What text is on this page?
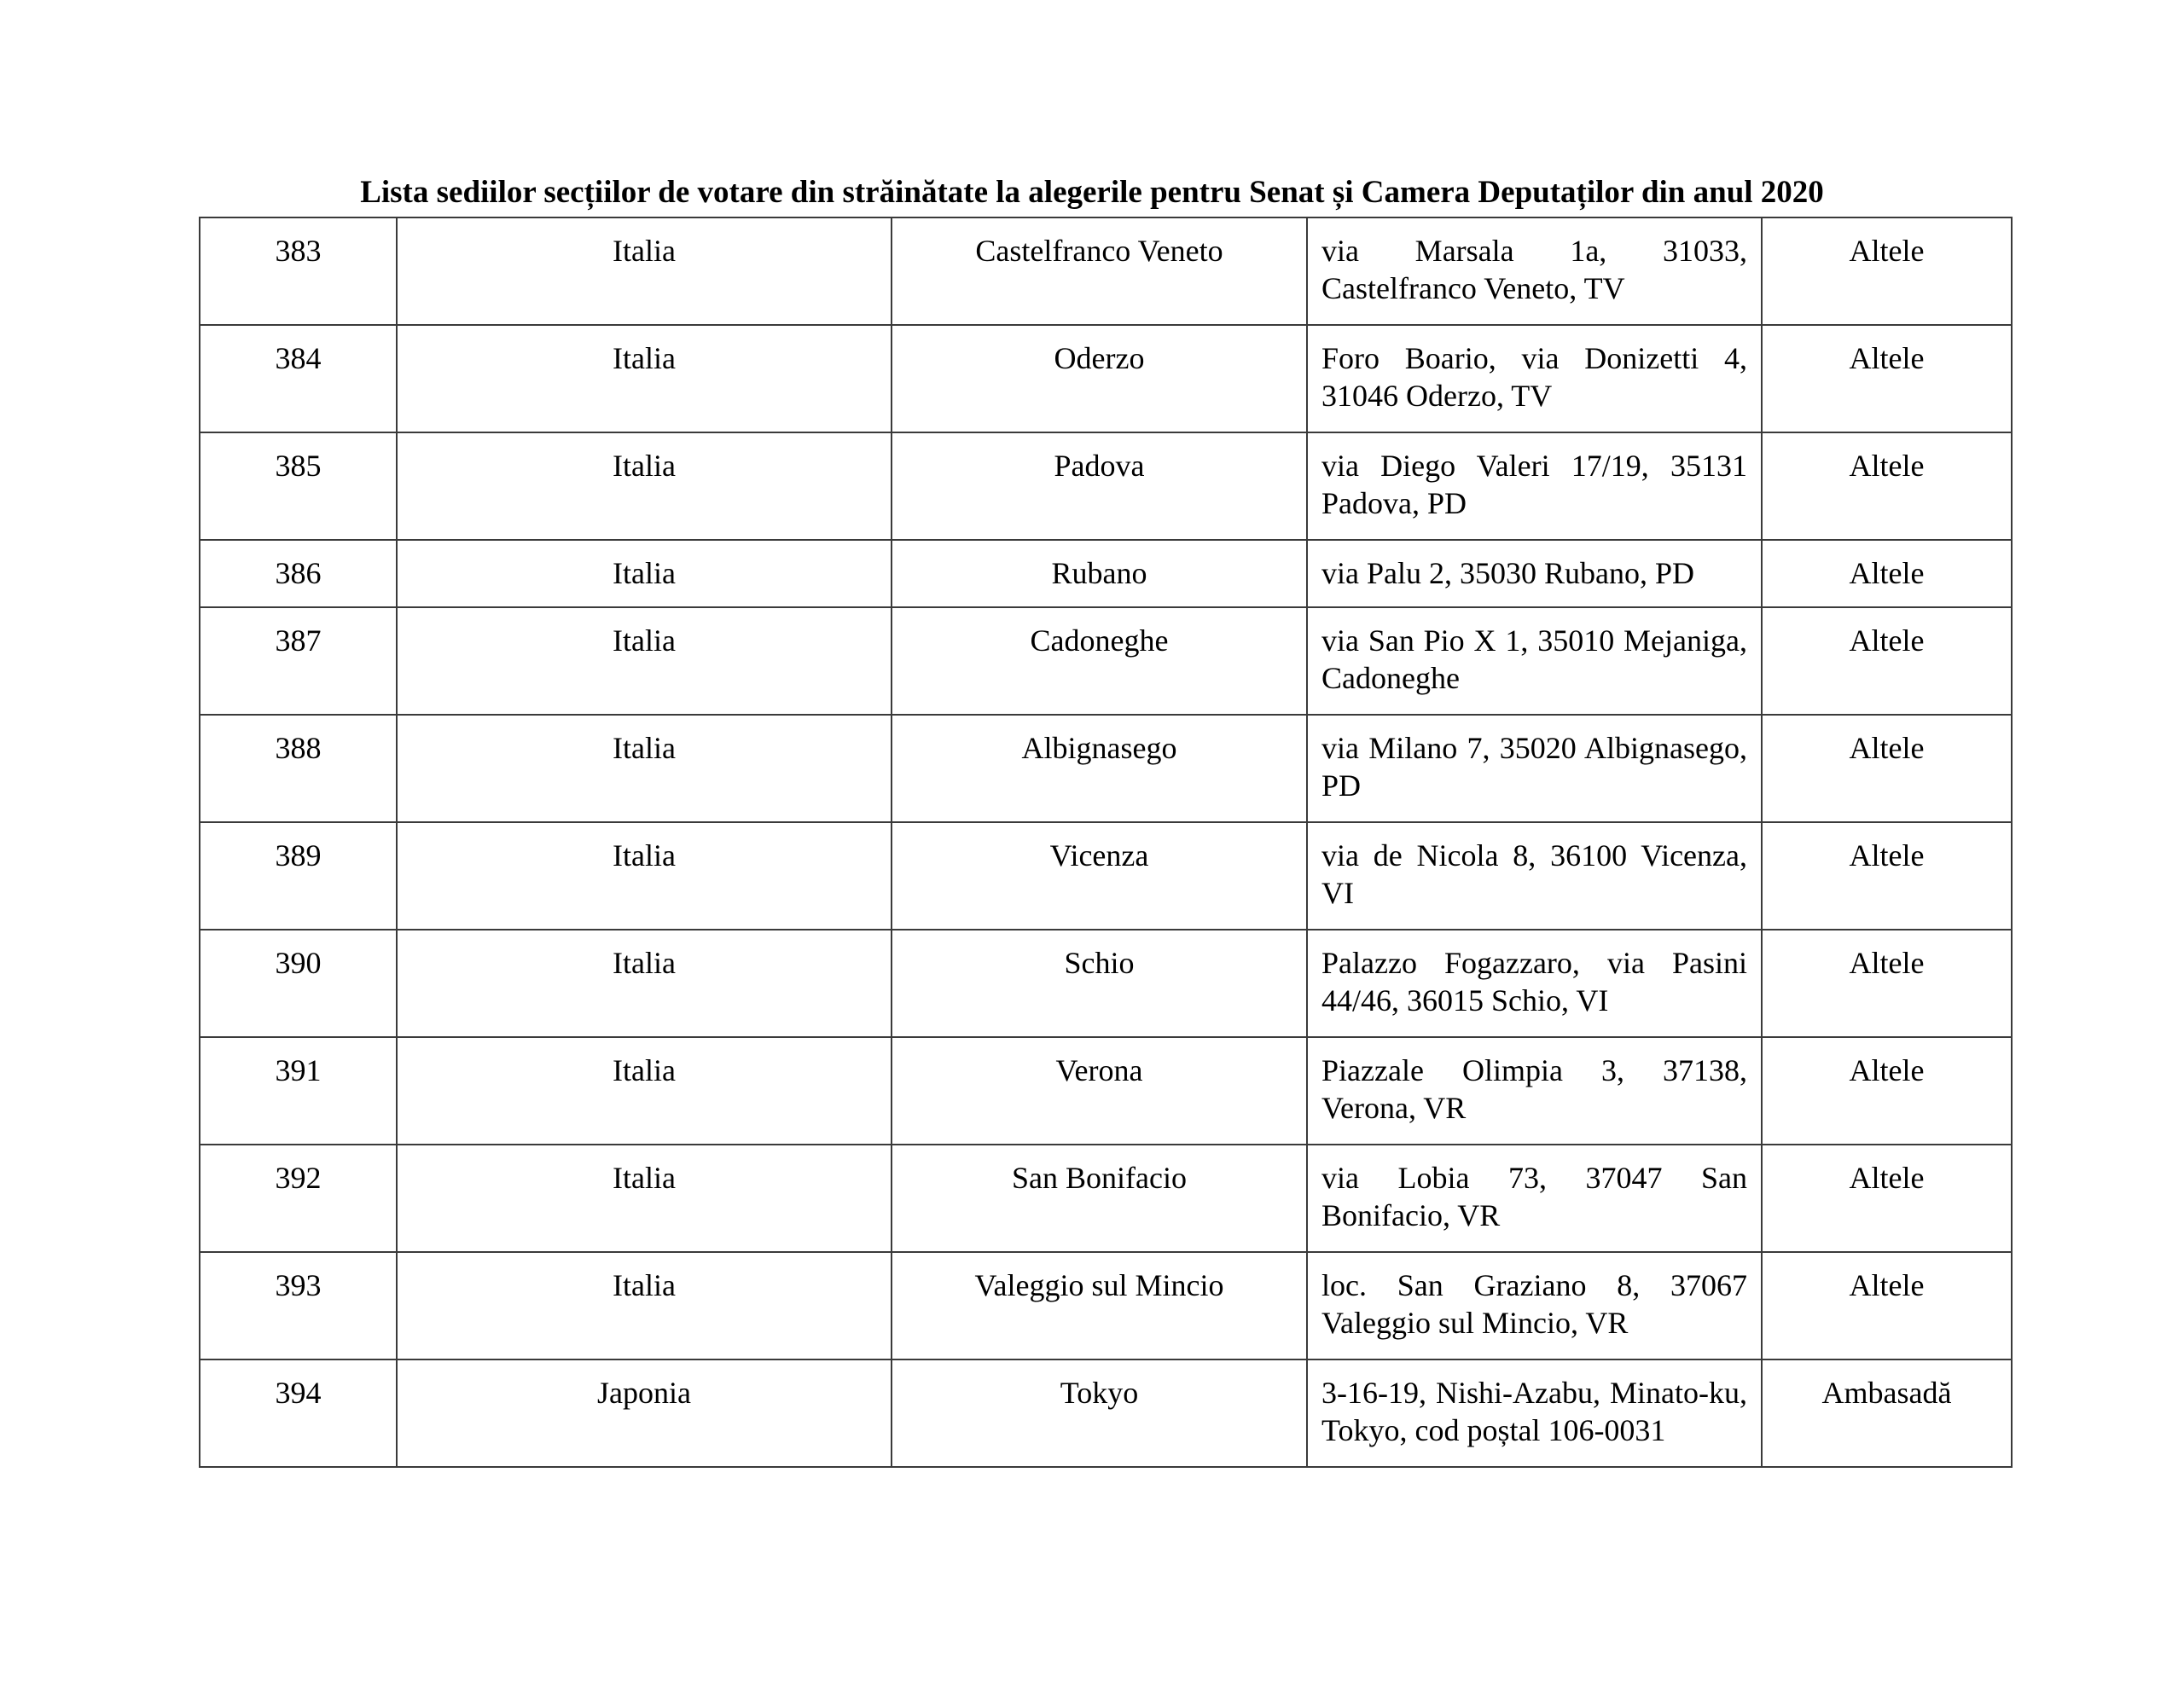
Lista sediilor secțiilor de votare din străinătate la alegerile pentru Senat și Camera Deputaților din anul 2020
383	Italia	Castelfranco Veneto	via Marsala 1a, 31033, Castelfranco Veneto, TV	Altele

384	Italia	Oderzo	Foro Boario, via Donizetti 4, 31046 Oderzo, TV	Altele

385	Italia	Padova	via Diego Valeri 17/19, 35131 Padova, PD	Altele

386	Italia	Rubano	via Palu 2, 35030 Rubano, PD	Altele

387	Italia	Cadoneghe	via San Pio X 1, 35010 Mejaniga, Cadoneghe	Altele

388	Italia	Albignasego	via Milano 7, 35020 Albignasego, PD	Altele

389	Italia	Vicenza	via de Nicola 8, 36100 Vicenza, VI	Altele

390	Italia	Schio	Palazzo Fogazzaro, via Pasini 44/46, 36015 Schio, VI	Altele

391	Italia	Verona	Piazzale Olimpia 3, 37138, Verona, VR	Altele

392	Italia	San Bonifacio	via Lobia 73, 37047 San Bonifacio, VR	Altele

393	Italia	Valeggio sul Mincio	loc. San Graziano 8, 37067 Valeggio sul Mincio, VR	Altele

394	Japonia	Tokyo	3-16-19, Nishi-Azabu, Minato-ku, Tokyo, cod poștal 106-0031	Ambasadă
